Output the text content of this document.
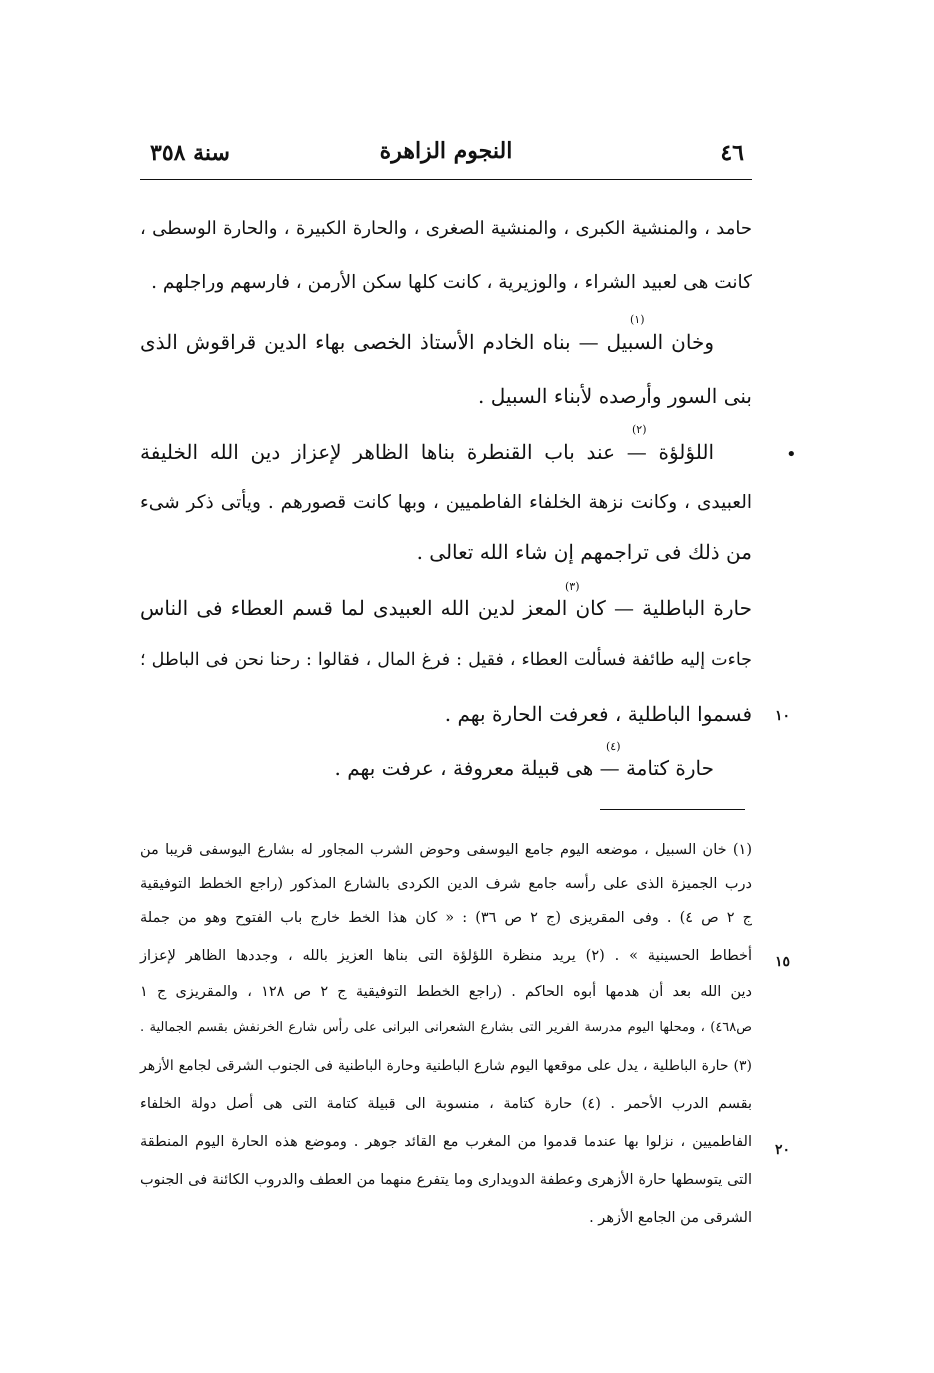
٤٦
النجوم الزاهرة
سنة ٣٥٨
حامد ، والمنشية الكبرى ، والمنشية الصغرى ، والحارة الكبيرة ، والحارة الوسطى ،
كانت هى لعبيد الشراء ، والوزيرية ، كانت كلها سكن الأرمن ، فارسهم وراجلهم .
(١)
وخان السبيل — بناه الخادم الأستاذ الخصى بهاء الدين قراقوش الذى
بنى السور وأرصده لأبناء السبيل .
•
(٢)
اللؤلؤة — عند باب القنطرة بناها الظاهر لإعزاز دين الله الخليفة
العبيدى ، وكانت نزهة الخلفاء الفاطميين ، وبها كانت قصورهم . ويأتى ذكر شىء
من ذلك فى تراجمهم إن شاء الله تعالى .
(٣)
حارة الباطلية — كان المعز لدين الله العبيدى لما قسم العطاء فى الناس
جاءت إليه طائفة فسألت العطاء ، فقيل : فرغ المال ، فقالوا : رحنا نحن فى الباطل ؛
١٠
فسموا الباطلية ، فعرفت الحارة بهم .
(٤)
حارة كتامة — هى قبيلة معروفة ، عرفت بهم .
(١) خان السبيل ، موضعه اليوم جامع اليوسفى وحوض الشرب المجاور له بشارع اليوسفى قريبا من
درب الجميزة الذى على رأسه جامع شرف الدين الكردى بالشارع المذكور (راجع الخطط التوفيقية
ج ٢ ص ٤) . وفى المقريزى (ج ٢ ص ٣٦) : « كان هذا الخط خارج باب الفتوح وهو من جملة
١٥
أخطاط الحسينية » . (٢) يريد منظرة اللؤلؤة التى بناها العزيز بالله ، وجددها الظاهر لإعزاز
دين الله بعد أن هدمها أبوه الحاكم . (راجع الخطط التوفيقية ج ٢ ص ١٢٨ ، والمقريزى ج ١
ص٤٦٨) ، ومحلها اليوم مدرسة الفرير التى بشارع الشعرانى البرانى على رأس شارع الخرنفش بقسم الجمالية .
(٣) حارة الباطلية ، يدل على موقعها اليوم شارع الباطنية وحارة الباطنية فى الجنوب الشرقى لجامع الأزهر
بقسم الدرب الأحمر . (٤) حارة كتامة ، منسوبة الى قبيلة كتامة التى هى أصل دولة الخلفاء
٢٠
الفاطميين ، نزلوا بها عندما قدموا من المغرب مع القائد جوهر . وموضع هذه الحارة اليوم المنطقة
التى يتوسطها حارة الأزهرى وعطفة الدويدارى وما يتفرع منهما من العطف والدروب الكائنة فى الجنوب
الشرقى من الجامع الأزهر .
